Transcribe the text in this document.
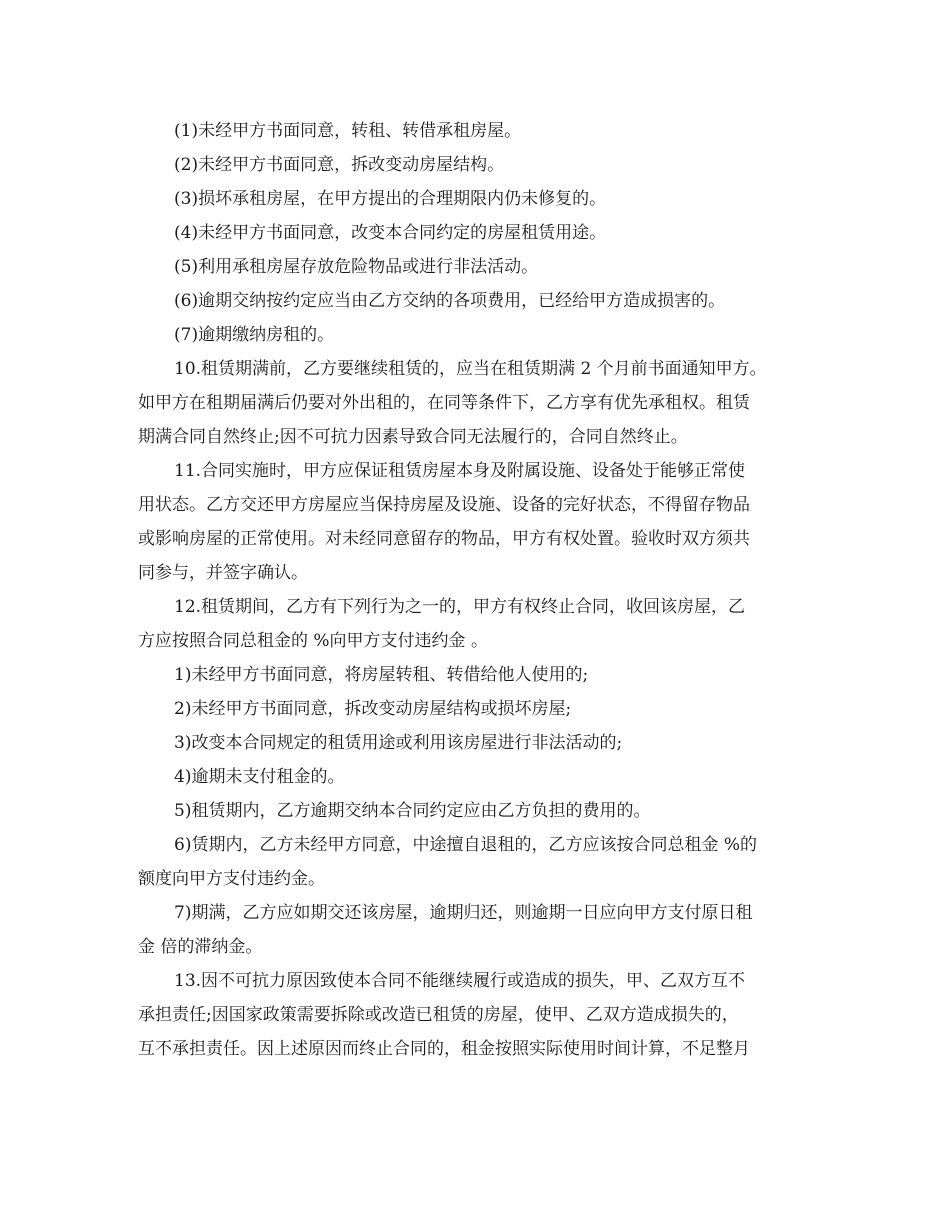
(1)未经甲方书面同意，转租、转借承租房屋。
(2)未经甲方书面同意，拆改变动房屋结构。
(3)损坏承租房屋，在甲方提出的合理期限内仍未修复的。
(4)未经甲方书面同意，改变本合同约定的房屋租赁用途。
(5)利用承租房屋存放危险物品或进行非法活动。
(6)逾期交纳按约定应当由乙方交纳的各项费用，已经给甲方造成损害的。
(7)逾期缴纳房租的。
10.租赁期满前，乙方要继续租赁的，应当在租赁期满 2 个月前书面通知甲方。
如甲方在租期届满后仍要对外出租的，在同等条件下，乙方享有优先承租权。租赁
期满合同自然终止;因不可抗力因素导致合同无法履行的，合同自然终止。
11.合同实施时，甲方应保证租赁房屋本身及附属设施、设备处于能够正常使
用状态。乙方交还甲方房屋应当保持房屋及设施、设备的完好状态，不得留存物品
或影响房屋的正常使用。对未经同意留存的物品，甲方有权处置。验收时双方须共
同参与，并签字确认。
12.租赁期间，乙方有下列行为之一的，甲方有权终止合同，收回该房屋，乙
方应按照合同总租金的 %向甲方支付违约金 。
1)未经甲方书面同意，将房屋转租、转借给他人使用的;
2)未经甲方书面同意，拆改变动房屋结构或损坏房屋;
3)改变本合同规定的租赁用途或利用该房屋进行非法活动的;
4)逾期未支付租金的。
5)租赁期内，乙方逾期交纳本合同约定应由乙方负担的费用的。
6)赁期内，乙方未经甲方同意，中途擅自退租的，乙方应该按合同总租金 %的
额度向甲方支付违约金。
7)期满，乙方应如期交还该房屋，逾期归还，则逾期一日应向甲方支付原日租
金 倍的滞纳金。
13.因不可抗力原因致使本合同不能继续履行或造成的损失，甲、乙双方互不
承担责任;因国家政策需要拆除或改造已租赁的房屋，使甲、乙双方造成损失的，
互不承担责任。因上述原因而终止合同的，租金按照实际使用时间计算，不足整月
